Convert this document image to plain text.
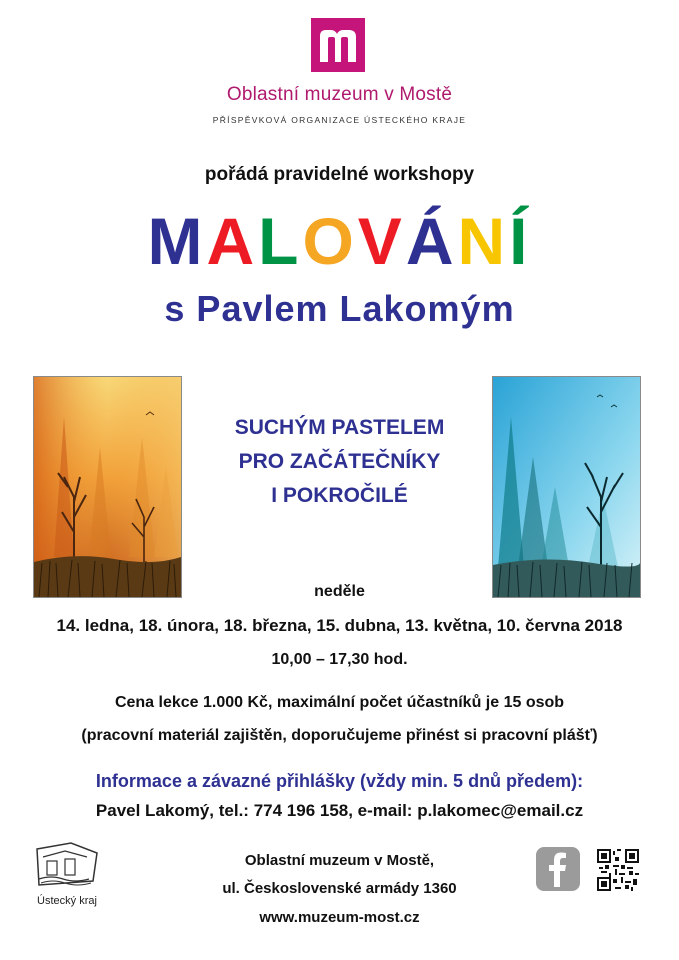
Oblastní muzeum v Mostě
PŘÍSPĚVKOVÁ ORGANIZACE ÚSTECKÉHO KRAJE
pořádá pravidelné workshopy
M A L O V Á N Í
s Pavlem Lakomým
SUCHÝM PASTELEM
PRO ZAČÁTEČNÍKY
I POKROČILÉ
neděle
14. ledna, 18. února, 18. března, 15. dubna, 13. května, 10. června 2018
10,00 – 17,30 hod.
Cena lekce 1.000 Kč, maximální počet účastníků je 15 osob
(pracovní materiál zajištěn, doporučujeme přinést si pracovní plášť)
Informace a závazné přihlášky (vždy min. 5 dnů předem):
Pavel Lakomý, tel.: 774 196 158, e-mail: p.lakomec@email.cz
Ústecký kraj
Oblastní muzeum v Mostě,
ul. Československé armády 1360
www.muzeum-most.cz
